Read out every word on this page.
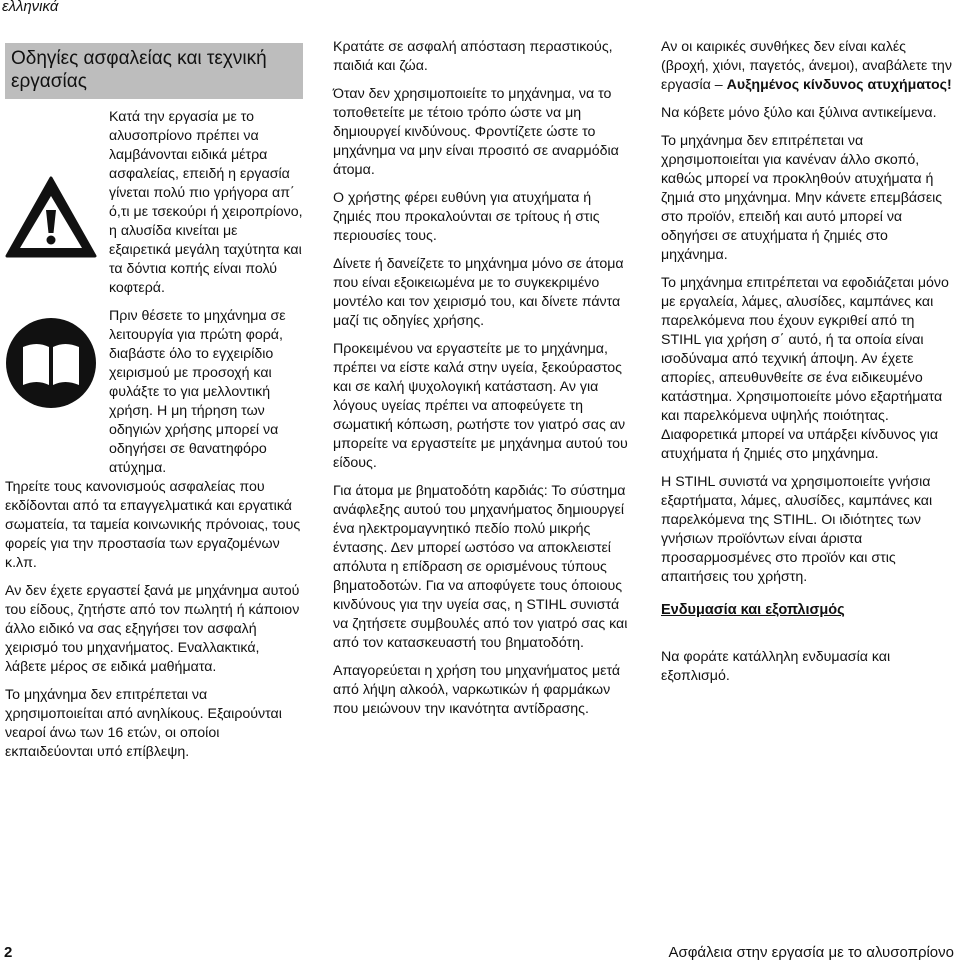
ελληνικά
Οδηγίες ασφαλείας και τεχνική εργασίας

Κατά την εργασία με το αλυσοπρίονο πρέπει να λαμβάνονται ειδικά μέτρα ασφαλείας, επειδή η εργασία γίνεται πολύ πιο γρήγορα απ΄ ό,τι με τσεκούρι ή χειροπρίονο, η αλυσίδα κινείται με εξαιρετικά μεγάλη ταχύτητα και τα δόντια κοπής είναι πολύ κοφτερά.

Πριν θέσετε το μηχάνημα σε λειτουργία για πρώτη φορά, διαβάστε όλο το εγχειρίδιο χειρισμού με προσοχή και φυλάξτε το για μελλοντική χρήση. Η μη τήρηση των οδηγιών χρήσης μπορεί να οδηγήσει σε θανατηφόρο ατύχημα.

Τηρείτε τους κανονισμούς ασφαλείας που εκδίδονται από τα επαγγελματικά και εργατικά σωματεία, τα ταμεία κοινωνικής πρόνοιας, τους φορείς για την προστασία των εργαζομένων κ.λπ.

Αν δεν έχετε εργαστεί ξανά με μηχάνημα αυτού του είδους, ζητήστε από τον πωλητή ή κάποιον άλλο ειδικό να σας εξηγήσει τον ασφαλή χειρισμό του μηχανήματος. Εναλλακτικά, λάβετε μέρος σε ειδικά μαθήματα.

Το μηχάνημα δεν επιτρέπεται να χρησιμοποιείται από ανηλίκους. Εξαιρούνται νεαροί άνω των 16 ετών, οι οποίοι εκπαιδεύονται υπό επίβλεψη.

Κρατάτε σε ασφαλή απόσταση περαστικούς, παιδιά και ζώα.

Όταν δεν χρησιμοποιείτε το μηχάνημα, να το τοποθετείτε με τέτοιο τρόπο ώστε να μη δημιουργεί κινδύνους. Φροντίζετε ώστε το μηχάνημα να μην είναι προσιτό σε αναρμόδια άτομα.

Ο χρήστης φέρει ευθύνη για ατυχήματα ή ζημιές που προκαλούνται σε τρίτους ή στις περιουσίες τους.

Δίνετε ή δανείζετε το μηχάνημα μόνο σε άτομα που είναι εξοικειωμένα με το συγκεκριμένο μοντέλο και τον χειρισμό του, και δίνετε πάντα μαζί τις οδηγίες χρήσης.

Προκειμένου να εργαστείτε με το μηχάνημα, πρέπει να είστε καλά στην υγεία, ξεκούραστος και σε καλή ψυχολογική κατάσταση. Αν για λόγους υγείας πρέπει να αποφεύγετε τη σωματική κόπωση, ρωτήστε τον γιατρό σας αν μπορείτε να εργαστείτε με μηχάνημα αυτού του είδους.

Για άτομα με βηματοδότη καρδιάς: Το σύστημα ανάφλεξης αυτού του μηχανήματος δημιουργεί ένα ηλεκτρομαγνητικό πεδίο πολύ μικρής έντασης. Δεν μπορεί ωστόσο να αποκλειστεί απόλυτα η επίδραση σε ορισμένους τύπους βηματοδοτών. Για να αποφύγετε τους όποιους κινδύνους για την υγεία σας, η STIHL συνιστά να ζητήσετε συμβουλές από τον γιατρό σας και από τον κατασκευαστή του βηματοδότη.

Απαγορεύεται η χρήση του μηχανήματος μετά από λήψη αλκοόλ, ναρκωτικών ή φαρμάκων που μειώνουν την ικανότητα αντίδρασης.

Αν οι καιρικές συνθήκες δεν είναι καλές (βροχή, χιόνι, παγετός, άνεμοι), αναβάλετε την εργασία – Αυξημένος κίνδυνος ατυχήματος!

Να κόβετε μόνο ξύλο και ξύλινα αντικείμενα.

Το μηχάνημα δεν επιτρέπεται να χρησιμοποιείται για κανέναν άλλο σκοπό, καθώς μπορεί να προκληθούν ατυχήματα ή ζημιά στο μηχάνημα. Μην κάνετε επεμβάσεις στο προϊόν, επειδή και αυτό μπορεί να οδηγήσει σε ατυχήματα ή ζημιές στο μηχάνημα.

Το μηχάνημα επιτρέπεται να εφοδιάζεται μόνο με εργαλεία, λάμες, αλυσίδες, καμπάνες και παρελκόμενα που έχουν εγκριθεί από τη STIHL για χρήση σ΄ αυτό, ή τα οποία είναι ισοδύναμα από τεχνική άποψη. Αν έχετε απορίες, απευθυνθείτε σε ένα ειδικευμένο κατάστημα. Χρησιμοποιείτε μόνο εξαρτήματα και παρελκόμενα υψηλής ποιότητας. Διαφορετικά μπορεί να υπάρξει κίνδυνος για ατυχήματα ή ζημιές στο μηχάνημα.

Η STIHL συνιστά να χρησιμοποιείτε γνήσια εξαρτήματα, λάμες, αλυσίδες, καμπάνες και παρελκόμενα της STIHL. Οι ιδιότητες των γνήσιων προϊόντων είναι άριστα προσαρμοσμένες στο προϊόν και στις απαιτήσεις του χρήστη.

Ενδυμασία και εξοπλισμός

Να φοράτε κατάλληλη ενδυμασία και εξοπλισμό.

2	Ασφάλεια στην εργασία με το αλυσοπρίονο
